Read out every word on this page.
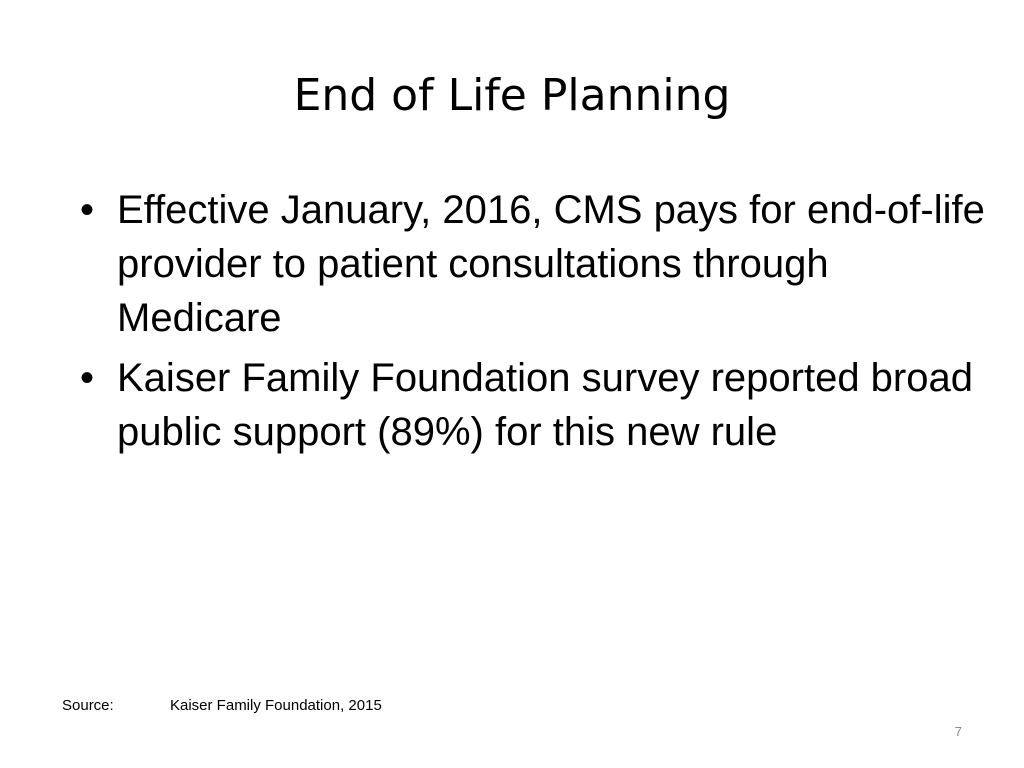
End of Life Planning
• Effective January, 2016, CMS pays for end-of-life provider to patient consultations through Medicare
• Kaiser Family Foundation survey reported broad public support (89%) for this new rule
Source:	Kaiser Family Foundation, 2015
7
